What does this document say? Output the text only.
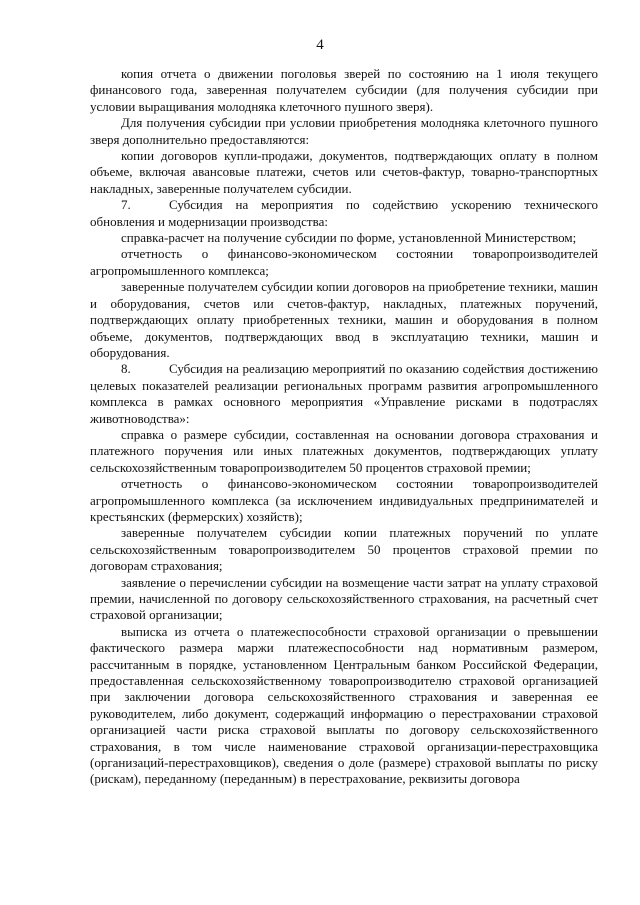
4

копия отчета о движении поголовья зверей по состоянию на 1 июля текущего финансового года, заверенная получателем субсидии (для получения субсидии при условии выращивания молодняка клеточного пушного зверя).

Для получения субсидии при условии приобретения молодняка клеточного пушного зверя дополнительно предоставляются:

копии договоров купли-продажи, документов, подтверждающих оплату в полном объеме, включая авансовые платежи, счетов или счетов-фактур, товарно-транспортных накладных, заверенные получателем субсидии.

7.	Субсидия на мероприятия по содействию ускорению технического обновления и модернизации производства:

справка-расчет на получение субсидии по форме, установленной Министерством;

отчетность о финансово-экономическом состоянии товаропроизводителей агропромышленного комплекса;

заверенные получателем субсидии копии договоров на приобретение техники, машин и оборудования, счетов или счетов-фактур, накладных, платежных поручений, подтверждающих оплату приобретенных техники, машин и оборудования в полном объеме, документов, подтверждающих ввод в эксплуатацию техники, машин и оборудования.

8.	Субсидия на реализацию мероприятий по оказанию содействия достижению целевых показателей реализации региональных программ развития агропромышленного комплекса в рамках основного мероприятия «Управление рисками в подотраслях животноводства»:

справка о размере субсидии, составленная на основании договора страхования и платежного поручения или иных платежных документов, подтверждающих уплату сельскохозяйственным товаропроизводителем 50 процентов страховой премии;

отчетность о финансово-экономическом состоянии товаропроизводителей агропромышленного комплекса (за исключением индивидуальных предпринимателей и крестьянских (фермерских) хозяйств);

заверенные получателем субсидии копии платежных поручений по уплате сельскохозяйственным товаропроизводителем 50 процентов страховой премии по договорам страхования;

заявление о перечислении субсидии на возмещение части затрат на уплату страховой премии, начисленной по договору сельскохозяйственного страхования, на расчетный счет страховой организации;

выписка из отчета о платежеспособности страховой организации о превышении фактического размера маржи платежеспособности над нормативным размером, рассчитанным в порядке, установленном Центральным банком Российской Федерации, предоставленная сельскохозяйственному товаропроизводителю страховой организацией при заключении договора сельскохозяйственного страхования и заверенная ее руководителем, либо документ, содержащий информацию о перестраховании страховой организацией части риска страховой выплаты по договору сельскохозяйственного страхования, в том числе наименование страховой организации-перестраховщика (организаций-перестраховщиков), сведения о доле (размере) страховой выплаты по риску (рискам), переданному (переданным) в перестрахование, реквизиты договора
